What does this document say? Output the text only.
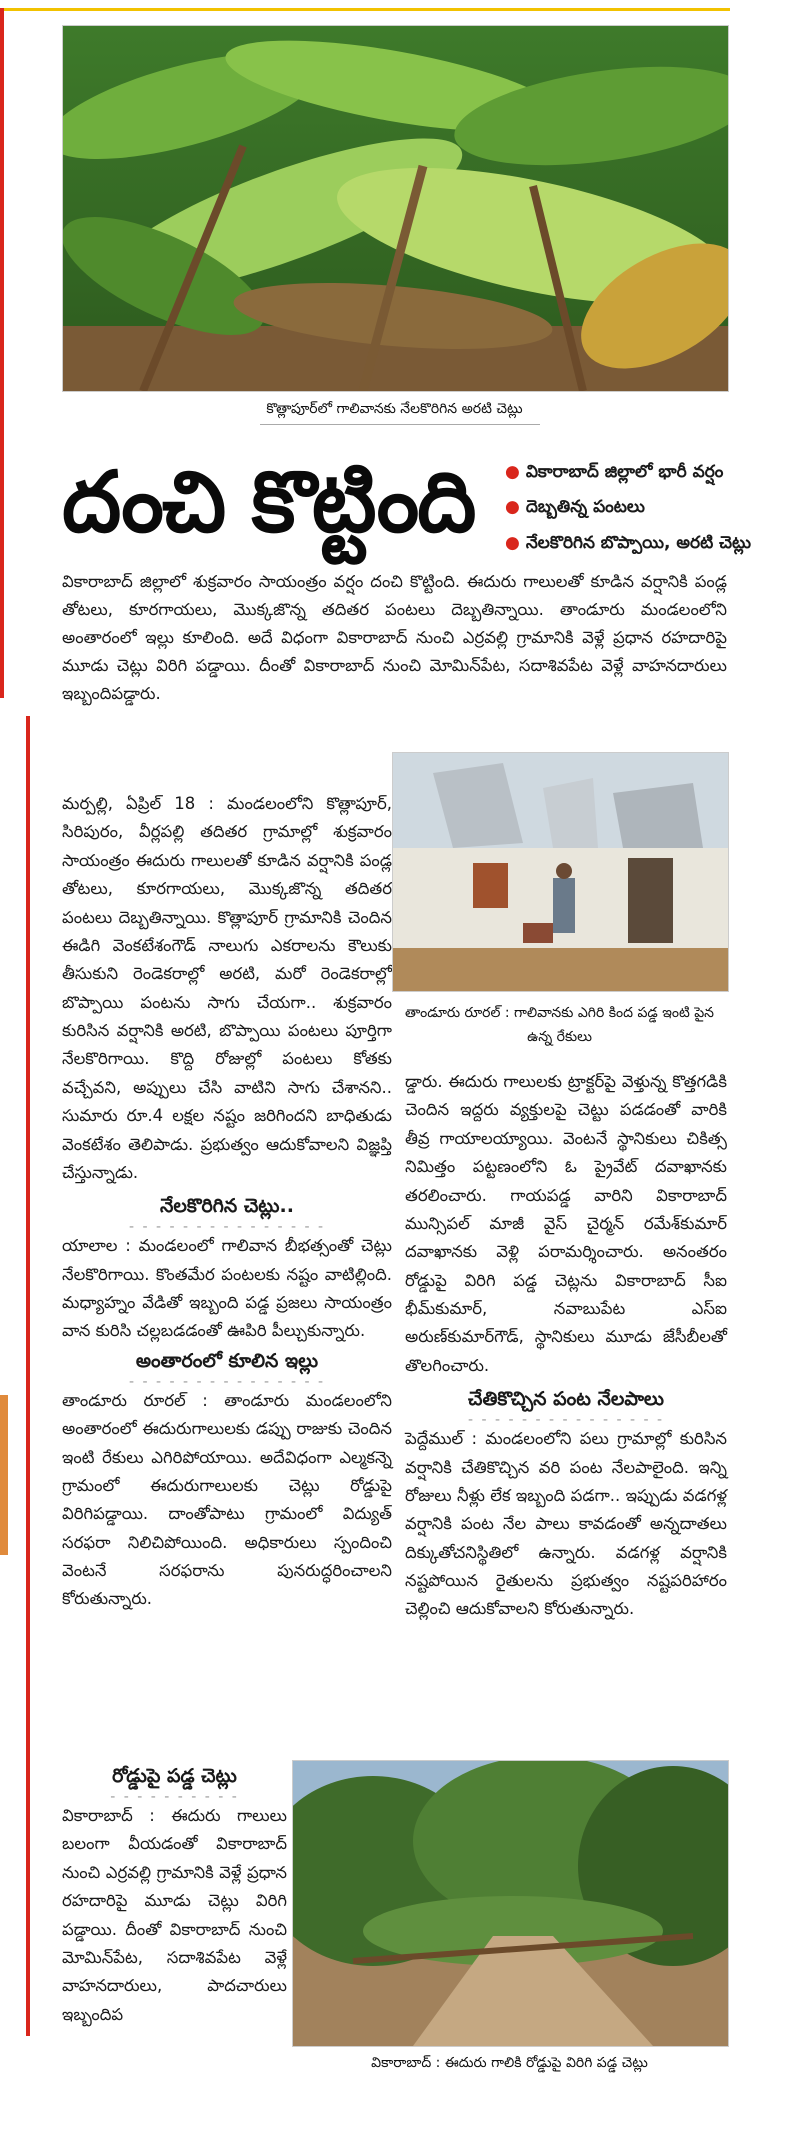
కొత్లాపూర్‌లో గాలివానకు నేలకొరిగిన అరటి చెట్లు
దంచి కొట్టింది ● వికారాబాద్ జిల్లాలో భారీ వర్షం
● దెబ్బతిన్న పంటలు
● నేలకొరిగిన బొప్పాయి, అరటి చెట్లు
వికారాబాద్ జిల్లాలో శుక్రవారం సాయంత్రం వర్షం దంచి కొట్టింది. ఈదురు గాలులతో కూడిన వర్షానికి పండ్ల తోటలు, కూరగాయలు, మొక్కజొన్న తదితర పంటలు దెబ్బతిన్నాయి. తాండూరు మండలంలోని అంతారంలో ఇల్లు కూలింది. అదే విధంగా వికారాబాద్ నుంచి ఎర్రవల్లి గ్రామానికి వెళ్లే ప్రధాన రహదారిపై మూడు చెట్లు విరిగి పడ్డాయి. దీంతో వికారాబాద్ నుంచి మోమిన్‌పేట, సదాశివపేట వెళ్లే వాహనదారులు ఇబ్బందిపడ్డారు.
మర్పల్లి, ఏప్రిల్ 18 : మండలంలోని కొత్లాపూర్, సిరిపురం, వీర్లపల్లి తదితర గ్రామాల్లో శుక్రవారం సాయంత్రం ఈదురు గాలులతో కూడిన వర్షానికి పండ్ల తోటలు, కూరగాయలు, మొక్కజొన్న తదితర పంటలు దెబ్బతిన్నాయి. కొత్లాపూర్ గ్రామానికి చెందిన ఈడిగి వెంకటేశంగౌడ్ నాలుగు ఎకరాలను కౌలుకు తీసుకుని రెండెకరాల్లో అరటి, మరో రెండెకరాల్లో బొప్పాయి పంటను సాగు చేయగా.. శుక్రవారం కురిసిన వర్షానికి అరటి, బొప్పాయి పంటలు పూర్తిగా నేలకొరిగాయి. కొద్ది రోజుల్లో పంటలు కోతకు వచ్చేవని, అప్పులు చేసి వాటిని సాగు చేశానని.. సుమారు రూ.4 లక్షల నష్టం జరిగిందని బాధితుడు వెంకటేశం తెలిపాడు. ప్రభుత్వం ఆదుకోవాలని విజ్ఞప్తి చేస్తున్నాడు.
నేలకొరిగిన చెట్లు..
- - - - - - - - - - - - - - -
యాలాల : మండలంలో గాలివాన బీభత్సంతో చెట్లు నేలకొరిగాయి. కొంతమేర పంటలకు నష్టం వాటిల్లింది. మధ్యాహ్నం వేడితో ఇబ్బంది పడ్డ ప్రజలు సాయంత్రం వాన కురిసి చల్లబడడంతో ఊపిరి పీల్చుకున్నారు.
అంతారంలో కూలిన ఇల్లు
- - - - - - - - - - - - - - -
తాండూరు రూరల్ : తాండూరు మండలంలోని అంతారంలో ఈదురుగాలులకు డప్పు రాజుకు చెందిన ఇంటి రేకులు ఎగిరిపోయాయి. అదేవిధంగా ఎల్మకన్నె గ్రామంలో ఈదురుగాలులకు చెట్లు రోడ్డుపై విరిగిపడ్డాయి. దాంతోపాటు గ్రామంలో విద్యుత్ సరఫరా నిలిచిపోయింది. అధికారులు స్పందించి వెంటనే సరఫరాను పునరుద్ధరించాలని కోరుతున్నారు.
రోడ్డుపై పడ్డ చెట్లు
- - - - - - - - - -
వికారాబాద్ : ఈదురు గాలులు బలంగా వీయడంతో వికారాబాద్ నుంచి ఎర్రవల్లి గ్రామానికి వెళ్లే ప్రధాన రహదారిపై మూడు చెట్లు విరిగి పడ్డాయి. దీంతో వికారాబాద్ నుంచి మోమిన్‌పేట, సదాశివపేట వెళ్లే వాహనదారులు, పాదచారులు ఇబ్బందిప
తాండూరు రూరల్ : గాలివానకు ఎగిరి కింద పడ్డ ఇంటి పైన ఉన్న రేకులు
డ్డారు. ఈదురు గాలులకు ట్రాక్టర్‌పై వెళ్తున్న కొత్తగడికి చెందిన ఇద్దరు వ్యక్తులపై చెట్టు పడడంతో వారికి తీవ్ర గాయాలయ్యాయి. వెంటనే స్థానికులు చికిత్స నిమిత్తం పట్టణంలోని ఓ ప్రైవేట్ దవాఖానకు తరలించారు. గాయపడ్డ వారిని వికారాబాద్ మున్సిపల్ మాజీ వైస్ చైర్మన్ రమేశ్‌కుమార్ దవాఖానకు వెళ్లి పరామర్శించారు. అనంతరం రోడ్డుపై విరిగి పడ్డ చెట్లను వికారాబాద్ సీఐ భీమ్‌కుమార్, నవాబుపేట ఎస్ఐ అరుణ్‌కుమార్‌గౌడ్, స్థానికులు మూడు జేసీబీలతో తొలగించారు.
చేతికొచ్చిన పంట నేలపాలు
- - - - - - - - - - - - - - -
పెద్దేముల్ : మండలంలోని పలు గ్రామాల్లో కురిసిన వర్షానికి చేతికొచ్చిన వరి పంట నేలపాలైంది. ఇన్ని రోజులు నీళ్లు లేక ఇబ్బంది పడగా.. ఇప్పుడు వడగళ్ల వర్షానికి పంట నేల పాలు కావడంతో అన్నదాతలు దిక్కుతోచనిస్థితిలో ఉన్నారు. వడగళ్ల వర్షానికి నష్టపోయిన రైతులను ప్రభుత్వం నష్టపరిహారం చెల్లించి ఆదుకోవాలని కోరుతున్నారు.
వికారాబాద్ : ఈదురు గాలికి రోడ్డుపై విరిగి పడ్డ చెట్లు
